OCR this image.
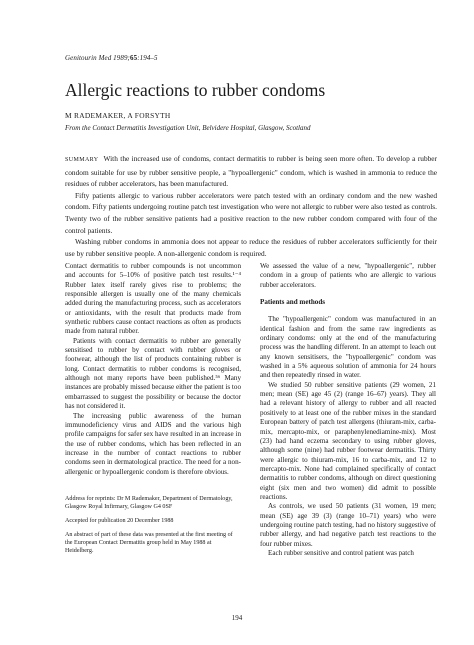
Genitourin Med 1989;65:194–5
Allergic reactions to rubber condoms
M RADEMAKER, A FORSYTH
From the Contact Dermatitis Investigation Unit, Belvidere Hospital, Glasgow, Scotland

SUMMARY With the increased use of condoms, contact dermatitis to rubber is being seen more often. To develop a rubber condom suitable for use by rubber sensitive people, a "hypoallergenic" condom, which is washed in ammonia to reduce the residues of rubber accelerators, has been manufactured.

Fifty patients allergic to various rubber accelerators were patch tested with an ordinary condom and the new washed condom. Fifty patients undergoing routine patch test investigation who were not allergic to rubber were also tested as controls. Twenty two of the rubber sensitive patients had a positive reaction to the new rubber condom compared with four of the control patients.

Washing rubber condoms in ammonia does not appear to reduce the residues of rubber accelerators sufficiently for their use by rubber sensitive people. A non-allergenic condom is required.

Contact dermatitis to rubber compounds is not uncommon and accounts for 5–10% of positive patch test results.¹⁻⁴ Rubber latex itself rarely gives rise to problems; the responsible allergen is usually one of the many chemicals added during the manufacturing process, such as accelerators or antioxidants, with the result that products made from synthetic rubbers cause contact reactions as often as products made from natural rubber.

Patients with contact dermatitis to rubber are generally sensitised to rubber by contact with rubber gloves or footwear, although the list of products containing rubber is long. Contact dermatitis to rubber condoms is recognised, although not many reports have been published.⁵⁶ Many instances are probably missed because either the patient is too embarrassed to suggest the possibility or because the doctor has not considered it.

The increasing public awareness of the human immunodeficiency virus and AIDS and the various high profile campaigns for safer sex have resulted in an increase in the use of rubber condoms, which has been reflected in an increase in the number of contact reactions to rubber condoms seen in dermatological practice. The need for a non-allergenic or hypoallergenic condom is therefore obvious.

Address for reprints: Dr M Rademaker, Department of Dermatology, Glasgow Royal Infirmary, Glasgow G4 0SF

Accepted for publication 20 December 1988

An abstract of part of these data was presented at the first meeting of the European Contact Dermatitis group held in May 1988 at Heidelberg.

We assessed the value of a new, "hypoallergenic", rubber condom in a group of patients who are allergic to various rubber accelerators.

Patients and methods

The "hypoallergenic" condom was manufactured in an identical fashion and from the same raw ingredients as ordinary condoms: only at the end of the manufacturing process was the handling different. In an attempt to leach out any known sensitisers, the "hypoallergenic" condom was washed in a 5% aqueous solution of ammonia for 24 hours and then repeatedly rinsed in water.

We studied 50 rubber sensitive patients (29 women, 21 men; mean (SE) age 45 (2) (range 16–67) years). They all had a relevant history of allergy to rubber and all reacted positively to at least one of the rubber mixes in the standard European battery of patch test allergens (thiuram-mix, carba-mix, mercapto-mix, or paraphenylenediamine-mix). Most (23) had hand eczema secondary to using rubber gloves, although some (nine) had rubber footwear dermatitis. Thirty were allergic to thiuram-mix, 16 to carba-mix, and 12 to mercapto-mix. None had complained specifically of contact dermatitis to rubber condoms, although on direct questioning eight (six men and two women) did admit to possible reactions.

As controls, we used 50 patients (31 women, 19 men; mean (SE) age 39 (3) (range 10–71) years) who were undergoing routine patch testing, had no history suggestive of rubber allergy, and had negative patch test reactions to the four rubber mixes.

Each rubber sensitive and control patient was patch

194
